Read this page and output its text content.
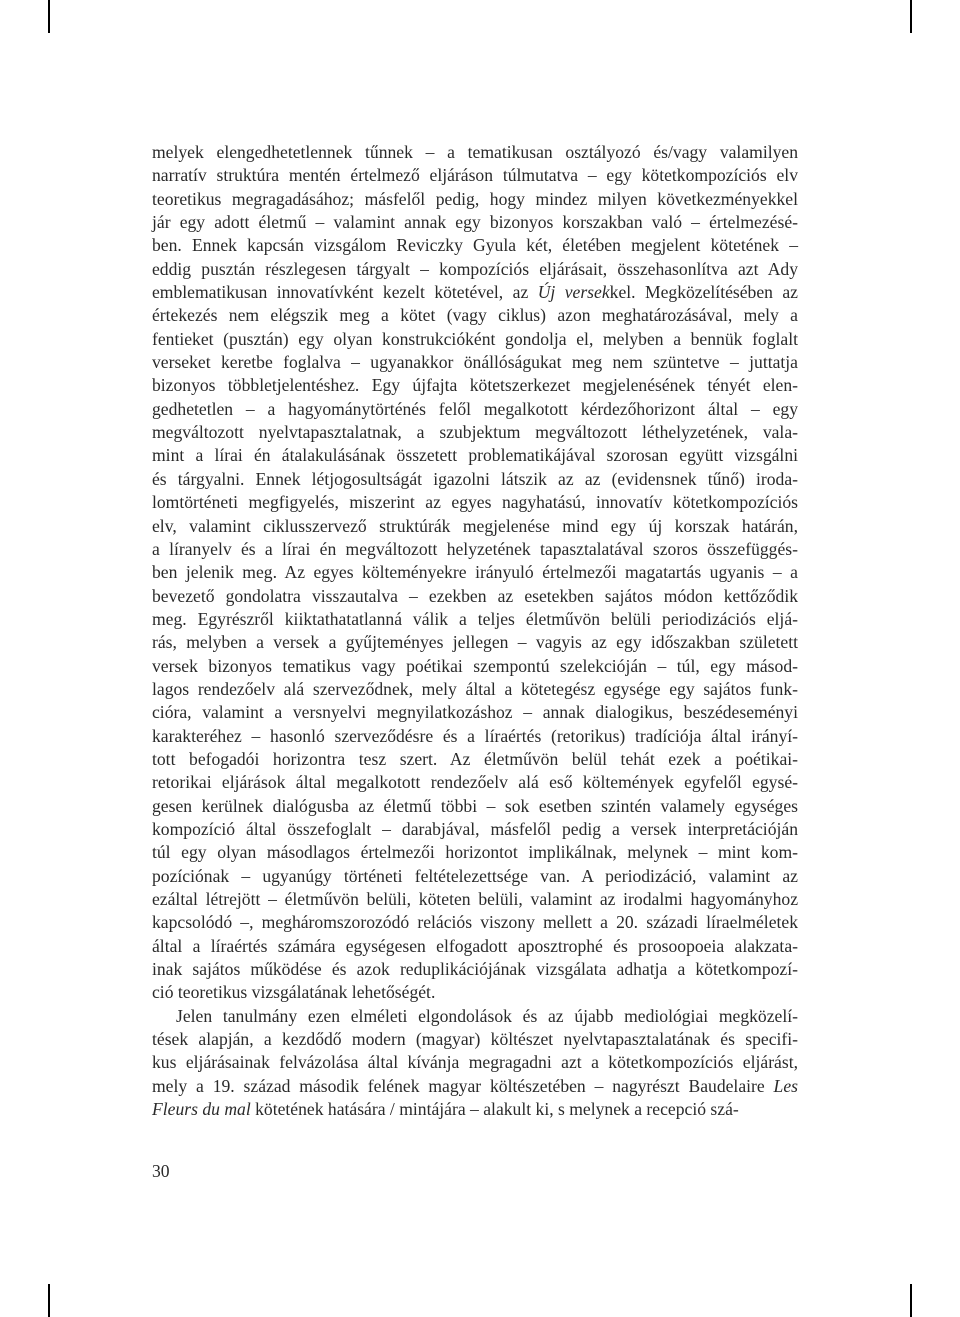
melyek elengedhetetlennek tűnnek – a tematikusan osztályozó és/vagy valamilyen
narratív struktúra mentén értelmező eljáráson túlmutatva – egy kötetkompozíciós elv
teoretikus megragadásához; másfelől pedig, hogy mindez milyen következményekkel
jár egy adott életmű – valamint annak egy bizonyos korszakban való – értelmezésé-
ben. Ennek kapcsán vizsgálom Reviczky Gyula két, életében megjelent kötetének –
eddig pusztán részlegesen tárgyalt – kompozíciós eljárásait, összehasonlítva azt Ady
emblematikusan innovatívként kezelt kötetével, az Új versekkel. Megközelítésében az
értekezés nem elégszik meg a kötet (vagy ciklus) azon meghatározásával, mely a
fentieket (pusztán) egy olyan konstrukcióként gondolja el, melyben a bennük foglalt
verseket keretbe foglalva – ugyanakkor önállóságukat meg nem szüntetve – juttatja
bizonyos többletjelentéshez. Egy újfajta kötetszerkezet megjelenésének tényét elen-
gedhetetlen – a hagyománytörténés felől megalkotott kérdezőhorizont által – egy
megváltozott nyelvtapasztalatnak, a szubjektum megváltozott léthelyzetének, vala-
mint a lírai én átalakulásának összetett problematikájával szorosan együtt vizsgálni
és tárgyalni. Ennek létjogosultságát igazolni látszik az az (evidensnek tűnő) iroda-
lomtörténeti megfigyelés, miszerint az egyes nagyhatású, innovatív kötetkompozíciós
elv, valamint ciklusszervező struktúrák megjelenése mind egy új korszak határán,
a líranyelv és a lírai én megváltozott helyzetének tapasztalatával szoros összefüggés-
ben jelenik meg. Az egyes költeményekre irányuló értelmezői magatartás ugyanis – a
bevezető gondolatra visszautalva – ezekben az esetekben sajátos módon kettőződik
meg. Egyrészről kiiktathatatlanná válik a teljes életművön belüli periodizációs eljá-
rás, melyben a versek a gyűjteményes jellegen – vagyis az egy időszakban született
versek bizonyos tematikus vagy poétikai szempontú szelekcióján – túl, egy másod-
lagos rendezőelv alá szerveződnek, mely által a kötetegész egysége egy sajátos funk-
cióra, valamint a versnyelvi megnyilatkozáshoz – annak dialogikus, beszédeseményi
karakteréhez – hasonló szerveződésre és a líraértés (retorikus) tradíciója által irányí-
tott befogadói horizontra tesz szert. Az életművön belül tehát ezek a poétikai-
retorikai eljárások által megalkotott rendezőelv alá eső költemények egyfelől egysé-
gesen kerülnek dialógusba az életmű többi – sok esetben szintén valamely egységes
kompozíció által összefoglalt – darabjával, másfelől pedig a versek interpretációján
túl egy olyan másodlagos értelmezői horizontot implikálnak, melynek – mint kom-
pozíciónak – ugyanúgy történeti feltételezettsége van. A periodizáció, valamint az
ezáltal létrejött – életművön belüli, köteten belüli, valamint az irodalmi hagyományhoz
kapcsolódó –, megháromszorozódó relációs viszony mellett a 20. századi líraelméletek
által a líraértés számára egységesen elfogadott aposztrophé és prosoopoeia alakzata-
inak sajátos működése és azok reduplikációjának vizsgálata adhatja a kötetkompozí-
ció teoretikus vizsgálatának lehetőségét.
Jelen tanulmány ezen elméleti elgondolások és az újabb mediológiai megközelí-
tések alapján, a kezdődő modern (magyar) költészet nyelvtapasztalatának és specifi-
kus eljárásainak felvázolása által kívánja megragadni azt a kötetkompozíciós eljárást,
mely a 19. század második felének magyar költészetében – nagyrészt Baudelaire Les
Fleurs du mal kötetének hatására / mintájára – alakult ki, s melynek a recepció szá-
30
